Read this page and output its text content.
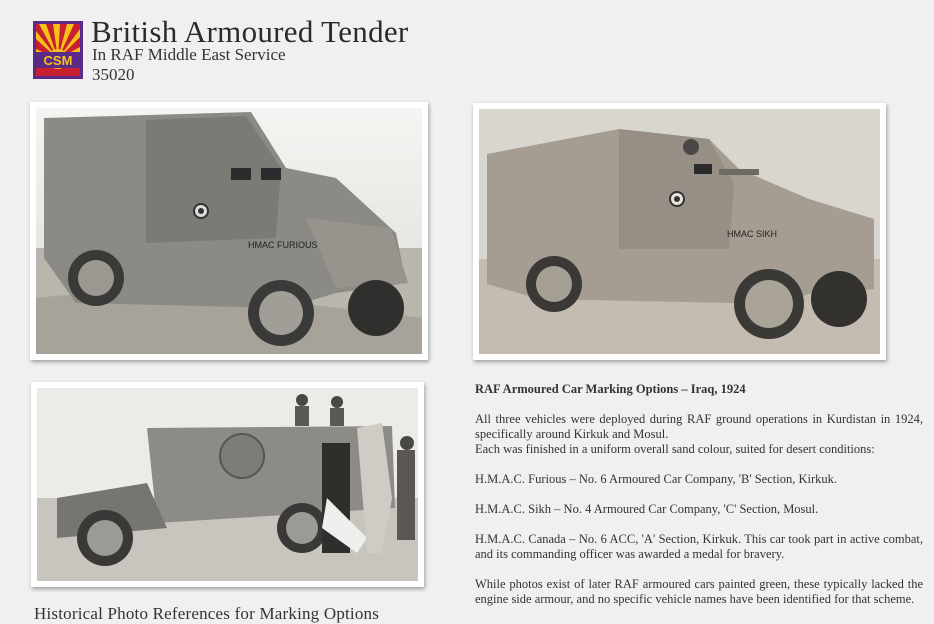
CSM
British Armoured Tender
In RAF Middle East Service
35020
HMAC FURIOUS
HMAC SIKH
Historical Photo References for Marking Options
RAF Armoured Car Marking Options – Iraq, 1924

All three vehicles were deployed during RAF ground operations in Kurdistan in 1924, specifically around Kirkuk and Mosul.

Each was finished in a uniform overall sand colour, suited for desert conditions:

H.M.A.C. Furious – No. 6 Armoured Car Company, 'B' Section, Kirkuk.

H.M.A.C. Sikh – No. 4 Armoured Car Company, 'C' Section, Mosul.

H.M.A.C. Canada – No. 6 ACC, 'A' Section, Kirkuk. This car took part in active combat, and its commanding officer was awarded a medal for bravery.

While photos exist of later RAF armoured cars painted green, these typically lacked the engine side armour, and no specific vehicle names have been identified for that scheme.
